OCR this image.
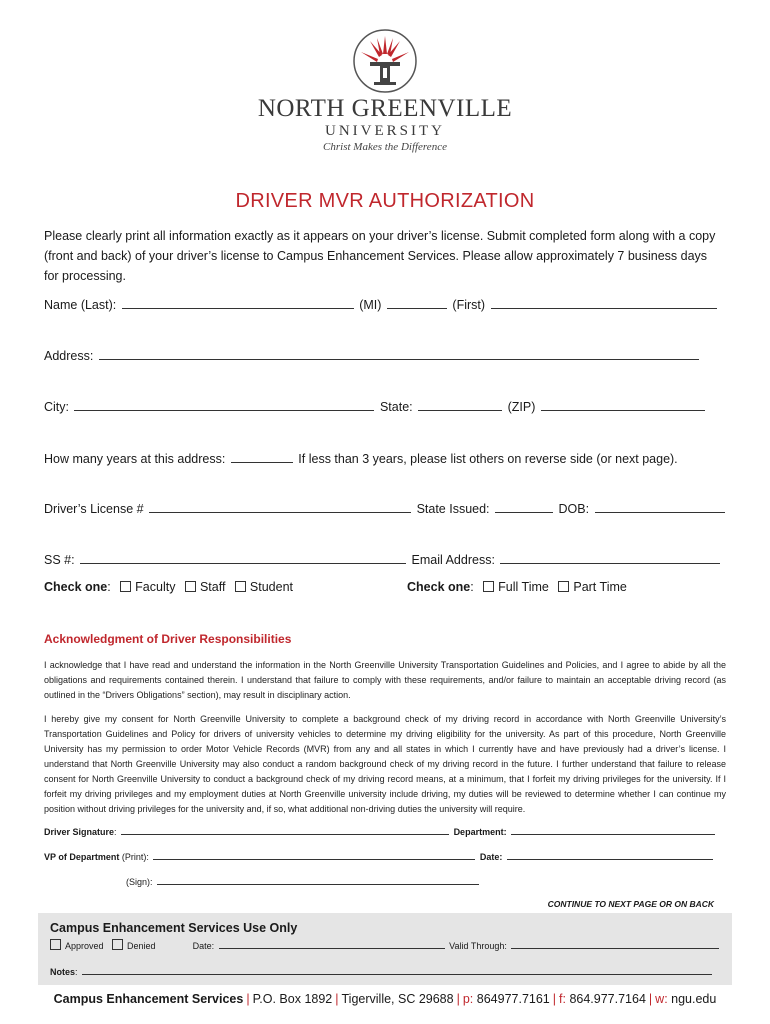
NORTH GREENVILLE
UNIVERSITY
Christ Makes the Difference
DRIVER MVR AUTHORIZATION
Please clearly print all information exactly as it appears on your driver’s license. Submit completed form along with a copy (front and back) of your driver’s license to Campus Enhancement Services. Please allow approximately 7 business days for processing.
Name (Last):	(MI)	(First)
Address:
City:	State:	(ZIP)
How many years at this address:	If less than 3 years, please list others on reverse side (or next page).
Driver’s License #	State Issued:	DOB:
SS #:	Email Address:
Check one: Faculty Staff Student	Check one: Full Time Part Time
Acknowledgment of Driver Responsibilities
I acknowledge that I have read and understand the information in the North Greenville University Transportation Guidelines and Policies, and I agree to abide by all the obligations and requirements contained therein. I understand that failure to comply with these requirements, and/or failure to maintain an acceptable driving record (as outlined in the “Drivers Obligations” section), may result in disciplinary action.
I hereby give my consent for North Greenville University to complete a background check of my driving record in accordance with North Greenville University’s Transportation Guidelines and Policy for drivers of university vehicles to determine my driving eligibility for the university. As part of this procedure, North Greenville University has my permission to order Motor Vehicle Records (MVR) from any and all states in which I currently have and have previously had a driver’s license. I understand that North Greenville University may also conduct a random background check of my driving record in the future. I further understand that failure to release consent for North Greenville University to conduct a background check of my driving record means, at a minimum, that I forfeit my driving privileges for the university. If I forfeit my driving privileges and my employment duties at North Greenville university include driving, my duties will be reviewed to determine whether I can continue my position without driving privileges for the university and, if so, what additional non-driving duties the university will require.
Driver Signature:	Department:
VP of Department (Print):	Date:
(Sign):
CONTINUE TO NEXT PAGE OR ON BACK
Campus Enhancement Services Use Only
Approved	Denied	Date:	Valid Through:
Notes:
Campus Enhancement Services | P.O. Box 1892 | Tigerville, SC 29688 | p: 864977.7161 | f: 864.977.7164 | w: ngu.edu
